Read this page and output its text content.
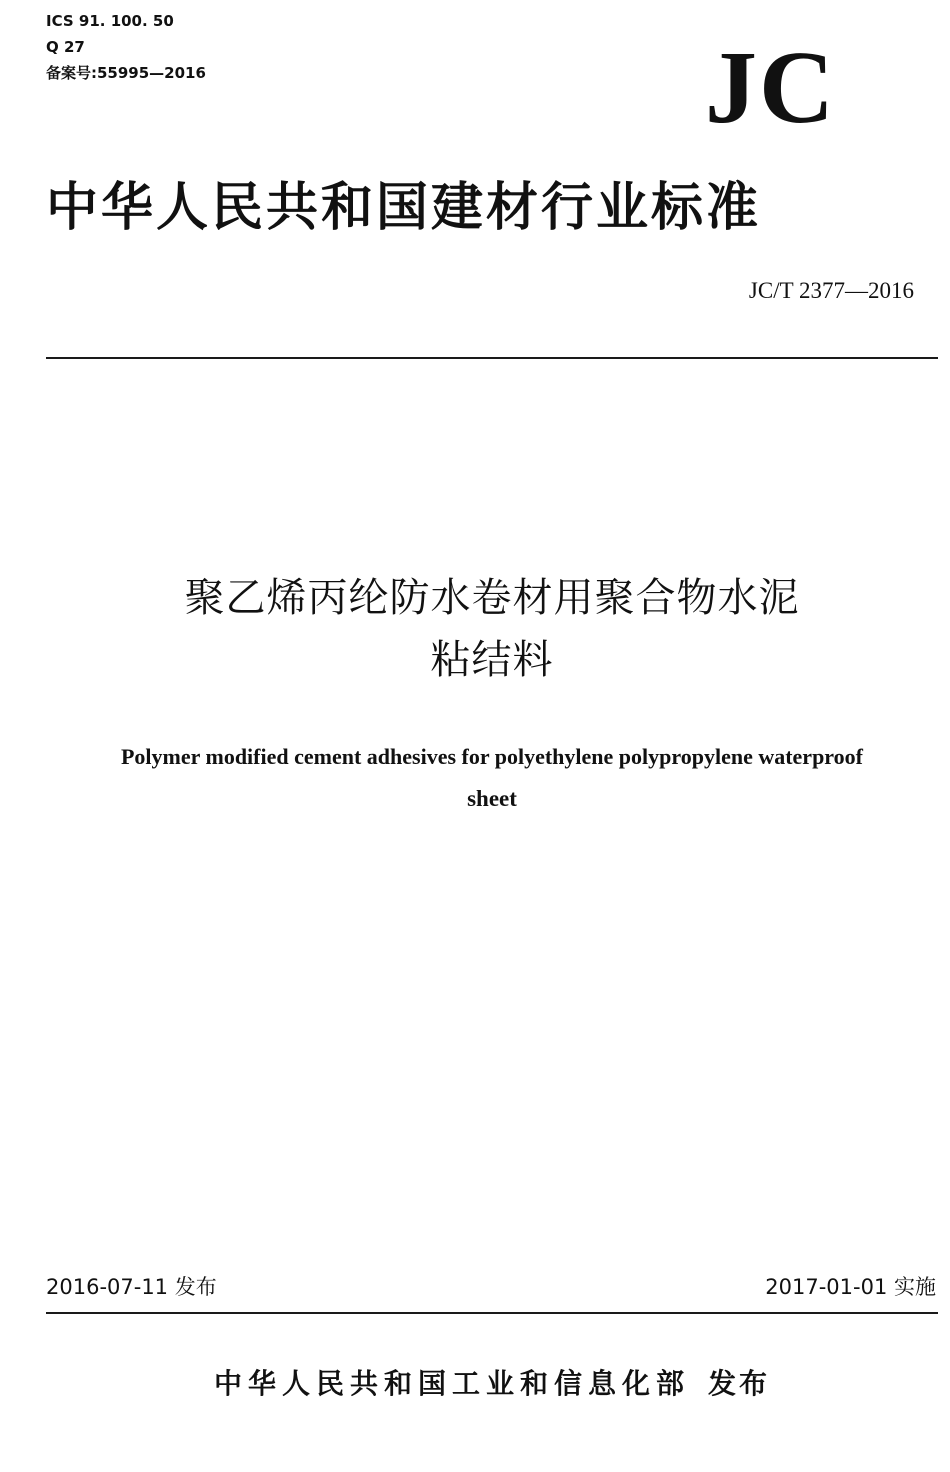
ICS 91. 100. 50
Q 27
备案号:55995—2016	JC
中华人民共和国建材行业标准
JC/T 2377—2016
聚乙烯丙纶防水卷材用聚合物水泥
粘结料
Polymer modified cement adhesives for polyethylene polypropylene waterproof
sheet
2016-07-11 发布	2017-01-01 实施
中华人民共和国工业和信息化部 发布
